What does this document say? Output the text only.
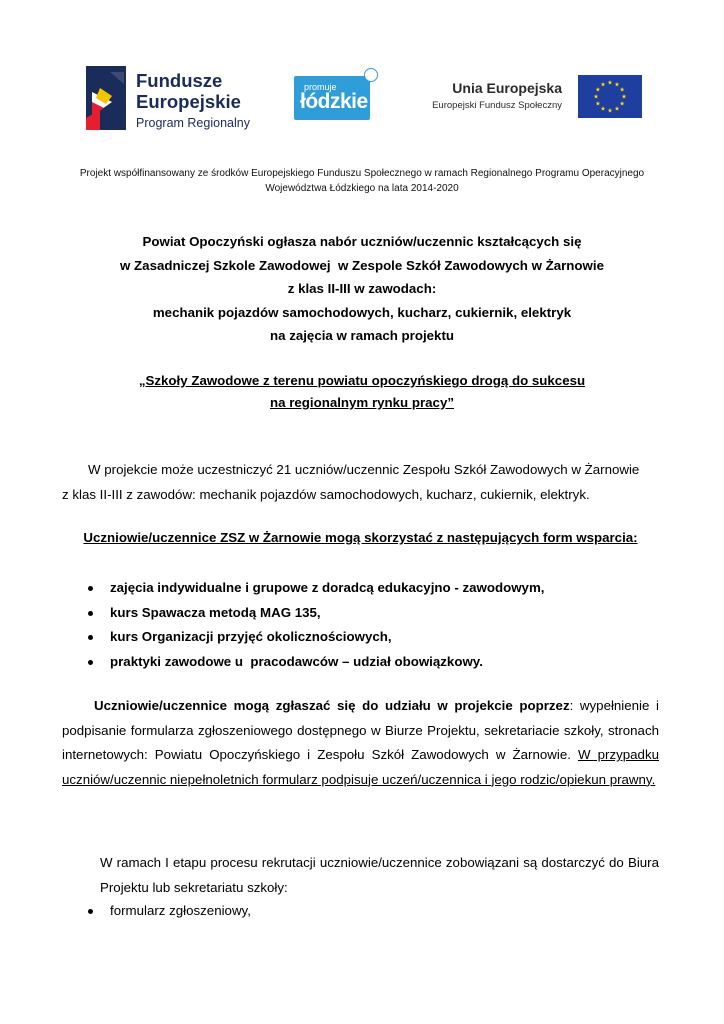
Fundusze
Europejskie
Program Regionalny
promuje
łódzkie
Unia Europejska
Europejski Fundusz Społeczny
Projekt współfinansowany ze środków Europejskiego Funduszu Społecznego w ramach Regionalnego Programu Operacyjnego
Województwa Łódzkiego na lata 2014-2020
Powiat Opoczyński ogłasza nabór uczniów/uczennic kształcących się
w Zasadniczej Szkole Zawodowej  w Zespole Szkół Zawodowych w Żarnowie
z klas II-III w zawodach:
mechanik pojazdów samochodowych, kucharz, cukiernik, elektryk
na zajęcia w ramach projektu
„Szkoły Zawodowe z terenu powiatu opoczyńskiego drogą do sukcesu
na regionalnym rynku pracy”
W projekcie może uczestniczyć 21 uczniów/uczennic Zespołu Szkół Zawodowych w Żarnowie
z klas II-III z zawodów: mechanik pojazdów samochodowych, kucharz, cukiernik, elektryk.
Uczniowie/uczennice ZSZ w Żarnowie mogą skorzystać z następujących form wsparcia:
zajęcia indywidualne i grupowe z doradcą edukacyjno - zawodowym,
kurs Spawacza metodą MAG 135,
kurs Organizacji przyjęć okolicznościowych,
praktyki zawodowe u  pracodawców – udział obowiązkowy.
Uczniowie/uczennice mogą zgłaszać się do udziału w projekcie poprzez: wypełnienie i podpisanie formularza zgłoszeniowego dostępnego w Biurze Projektu, sekretariacie szkoły, stronach internetowych: Powiatu Opoczyńskiego i Zespołu Szkół Zawodowych w Żarnowie. W przypadku uczniów/uczennic niepełnoletnich formularz podpisuje uczeń/uczennica i jego rodzic/opiekun prawny.
W ramach I etapu procesu rekrutacji uczniowie/uczennice zobowiązani są dostarczyć do Biura Projektu lub sekretariatu szkoły:
formularz zgłoszeniowy,
